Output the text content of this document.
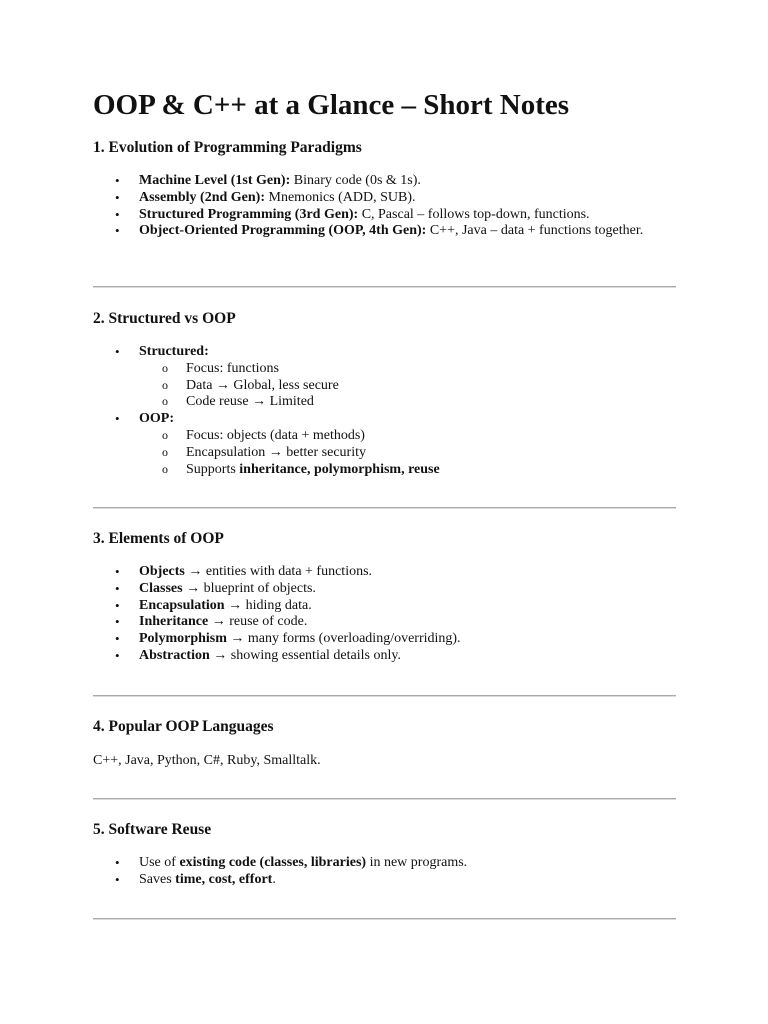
OOP & C++ at a Glance – Short Notes
1. Evolution of Programming Paradigms
• Machine Level (1st Gen): Binary code (0s & 1s).
• Assembly (2nd Gen): Mnemonics (ADD, SUB).
• Structured Programming (3rd Gen): C, Pascal – follows top-down, functions.
• Object-Oriented Programming (OOP, 4th Gen): C++, Java – data + functions together.
2. Structured vs OOP
• Structured:
o Focus: functions
o Data → Global, less secure
o Code reuse → Limited
• OOP:
o Focus: objects (data + methods)
o Encapsulation → better security
o Supports inheritance, polymorphism, reuse
3. Elements of OOP
• Objects → entities with data + functions.
• Classes → blueprint of objects.
• Encapsulation → hiding data.
• Inheritance → reuse of code.
• Polymorphism → many forms (overloading/overriding).
• Abstraction → showing essential details only.
4. Popular OOP Languages

C++, Java, Python, C#, Ruby, Smalltalk.

5. Software Reuse
• Use of existing code (classes, libraries) in new programs.
• Saves time, cost, effort.
